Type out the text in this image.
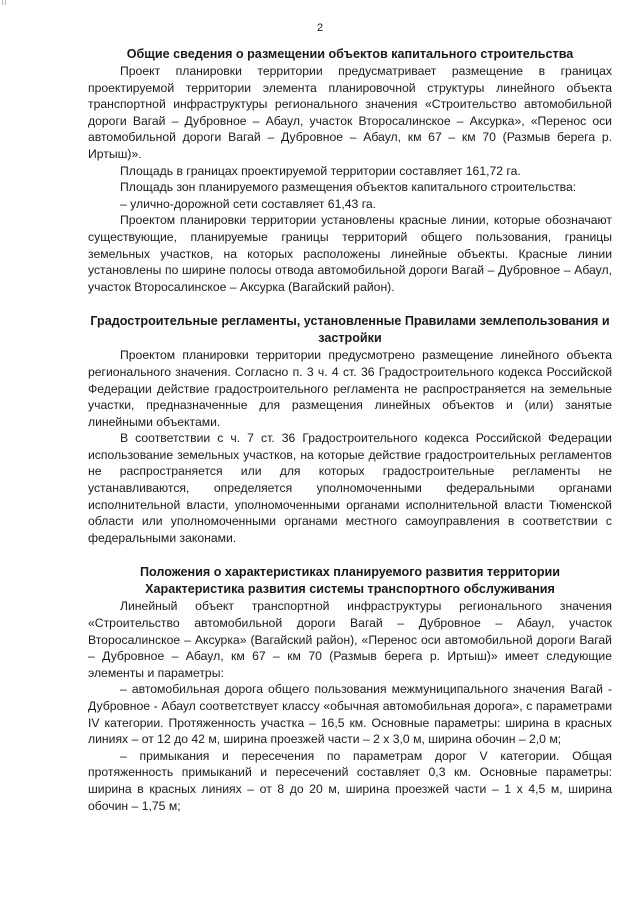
ll
2

Общие сведения о размещении объектов капитального строительства

Проект планировки территории предусматривает размещение в границах проектируемой территории элемента планировочной структуры линейного объекта транспортной инфраструктуры регионального значения «Строительство автомобильной дороги Вагай – Дубровное – Абаул, участок Второсалинское – Аксурка», «Перенос оси автомобильной дороги Вагай – Дубровное – Абаул, км 67 – км 70 (Размыв берега р. Иртыш)».

Площадь в границах проектируемой территории составляет 161,72 га.

Площадь зон планируемого размещения объектов капитального строительства:

– улично-дорожной сети составляет 61,43 га.

Проектом планировки территории установлены красные линии, которые обозначают существующие, планируемые границы территорий общего пользования, границы земельных участков, на которых расположены линейные объекты. Красные линии установлены по ширине полосы отвода автомобильной дороги Вагай – Дубровное – Абаул, участок Второсалинское – Аксурка (Вагайский район).

Градостроительные регламенты, установленные Правилами землепользования и застройки

Проектом планировки территории предусмотрено размещение линейного объекта регионального значения. Согласно п. 3 ч. 4 ст. 36 Градостроительного кодекса Российской Федерации действие градостроительного регламента не распространяется на земельные участки, предназначенные для размещения линейных объектов и (или) занятые линейными объектами.

В соответствии с ч. 7 ст. 36 Градостроительного кодекса Российской Федерации использование земельных участков, на которые действие градостроительных регламентов не распространяется или для которых градостроительные регламенты не устанавливаются, определяется уполномоченными федеральными органами исполнительной власти, уполномоченными органами исполнительной власти Тюменской области или уполномоченными органами местного самоуправления в соответствии с федеральными законами.

Положения о характеристиках планируемого развития территории

Характеристика развития системы транспортного обслуживания

Линейный объект транспортной инфраструктуры регионального значения «Строительство автомобильной дороги Вагай – Дубровное – Абаул, участок Второсалинское – Аксурка» (Вагайский район), «Перенос оси автомобильной дороги Вагай – Дубровное – Абаул, км 67 – км 70 (Размыв берега р. Иртыш)» имеет следующие элементы и параметры:

– автомобильная дорога общего пользования межмуниципального значения Вагай - Дубровное - Абаул соответствует классу «обычная автомобильная дорога», с параметрами IV категории. Протяженность участка – 16,5 км. Основные параметры: ширина в красных линиях – от 12 до 42 м, ширина проезжей части – 2 х 3,0 м, ширина обочин – 2,0 м;

– примыкания и пересечения по параметрам дорог V категории. Общая протяженность примыканий и пересечений составляет 0,3 км. Основные параметры: ширина в красных линиях – от 8 до 20 м, ширина проезжей части – 1 х 4,5 м, ширина обочин – 1,75 м;
